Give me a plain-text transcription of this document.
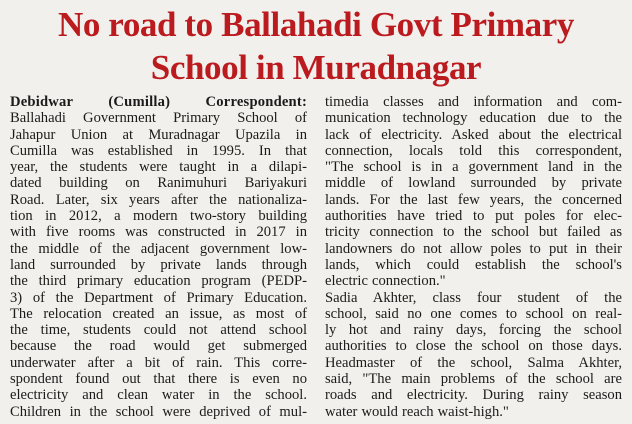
No road to Ballahadi Govt Primary
School in Muradnagar
Debidwar (Cumilla) Correspondent:
Ballahadi Government Primary School of
Jahapur Union at Muradnagar Upazila in
Cumilla was established in 1995. In that
year, the students were taught in a dilapi-
dated building on Ranimuhuri Bariyakuri
Road. Later, six years after the nationaliza-
tion in 2012, a modern two-story building
with five rooms was constructed in 2017 in
the middle of the adjacent government low-
land surrounded by private lands through
the third primary education program (PEDP-
3) of the Department of Primary Education.
The relocation created an issue, as most of
the time, students could not attend school
because the road would get submerged
underwater after a bit of rain. This corre-
spondent found out that there is even no
electricity and clean water in the school.
Children in the school were deprived of mul-
timedia classes and information and com-
munication technology education due to the
lack of electricity. Asked about the electrical
connection, locals told this correspondent,
"The school is in a government land in the
middle of lowland surrounded by private
lands. For the last few years, the concerned
authorities have tried to put poles for elec-
tricity connection to the school but failed as
landowners do not allow poles to put in their
lands, which could establish the school's
electric connection."
Sadia Akhter, class four student of the
school, said no one comes to school on real-
ly hot and rainy days, forcing the school
authorities to close the school on those days.
Headmaster of the school, Salma Akhter,
said, "The main problems of the school are
roads and electricity. During rainy season
water would reach waist-high."
